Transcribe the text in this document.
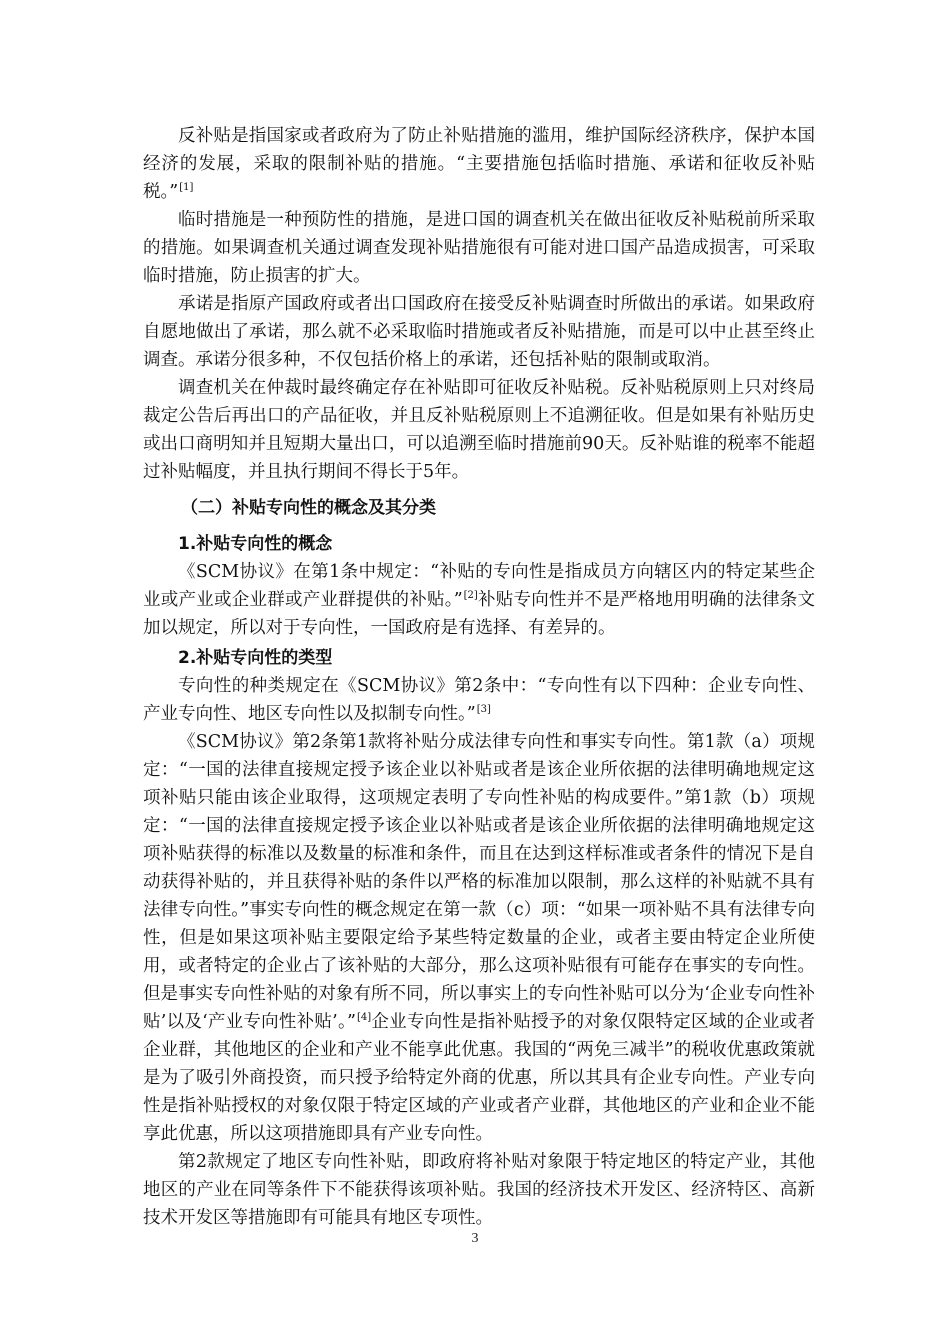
反补贴是指国家或者政府为了防止补贴措施的滥用，维护国际经济秩序，保护本国经济的发展，采取的限制补贴的措施。“主要措施包括临时措施、承诺和征收反补贴税。”[1]

临时措施是一种预防性的措施，是进口国的调查机关在做出征收反补贴税前所采取的措施。如果调查机关通过调查发现补贴措施很有可能对进口国产品造成损害，可采取临时措施，防止损害的扩大。

承诺是指原产国政府或者出口国政府在接受反补贴调查时所做出的承诺。如果政府自愿地做出了承诺，那么就不必采取临时措施或者反补贴措施，而是可以中止甚至终止调查。承诺分很多种，不仅包括价格上的承诺，还包括补贴的限制或取消。

调查机关在仲裁时最终确定存在补贴即可征收反补贴税。反补贴税原则上只对终局裁定公告后再出口的产品征收，并且反补贴税原则上不追溯征收。但是如果有补贴历史或出口商明知并且短期大量出口，可以追溯至临时措施前90天。反补贴谁的税率不能超过补贴幅度，并且执行期间不得长于5年。

（二）补贴专向性的概念及其分类
1.补贴专向性的概念

《SCM协议》在第1条中规定：“补贴的专向性是指成员方向辖区内的特定某些企业或产业或企业群或产业群提供的补贴。”[2]补贴专向性并不是严格地用明确的法律条文加以规定，所以对于专向性，一国政府是有选择、有差异的。

2.补贴专向性的类型

专向性的种类规定在《SCM协议》第2条中：“专向性有以下四种：企业专向性、产业专向性、地区专向性以及拟制专向性。”[3]

《SCM协议》第2条第1款将补贴分成法律专向性和事实专向性。第1款（a）项规定：“一国的法律直接规定授予该企业以补贴或者是该企业所依据的法律明确地规定这项补贴只能由该企业取得，这项规定表明了专向性补贴的构成要件。”第1款（b）项规定：“一国的法律直接规定授予该企业以补贴或者是该企业所依据的法律明确地规定这项补贴获得的标准以及数量的标准和条件，而且在达到这样标准或者条件的情况下是自动获得补贴的，并且获得补贴的条件以严格的标准加以限制，那么这样的补贴就不具有法律专向性。”事实专向性的概念规定在第一款（c）项：“如果一项补贴不具有法律专向性，但是如果这项补贴主要限定给予某些特定数量的企业，或者主要由特定企业所使用，或者特定的企业占了该补贴的大部分，那么这项补贴很有可能存在事实的专向性。但是事实专向性补贴的对象有所不同，所以事实上的专向性补贴可以分为‘企业专向性补贴’以及‘产业专向性补贴’。”[4]企业专向性是指补贴授予的对象仅限特定区域的企业或者企业群，其他地区的企业和产业不能享此优惠。我国的“两免三减半”的税收优惠政策就是为了吸引外商投资，而只授予给特定外商的优惠，所以其具有企业专向性。产业专向性是指补贴授权的对象仅限于特定区域的产业或者产业群，其他地区的产业和企业不能享此优惠，所以这项措施即具有产业专向性。

第2款规定了地区专向性补贴，即政府将补贴对象限于特定地区的特定产业，其他地区的产业在同等条件下不能获得该项补贴。我国的经济技术开发区、经济特区、高新技术开发区等措施即有可能具有地区专项性。

3
